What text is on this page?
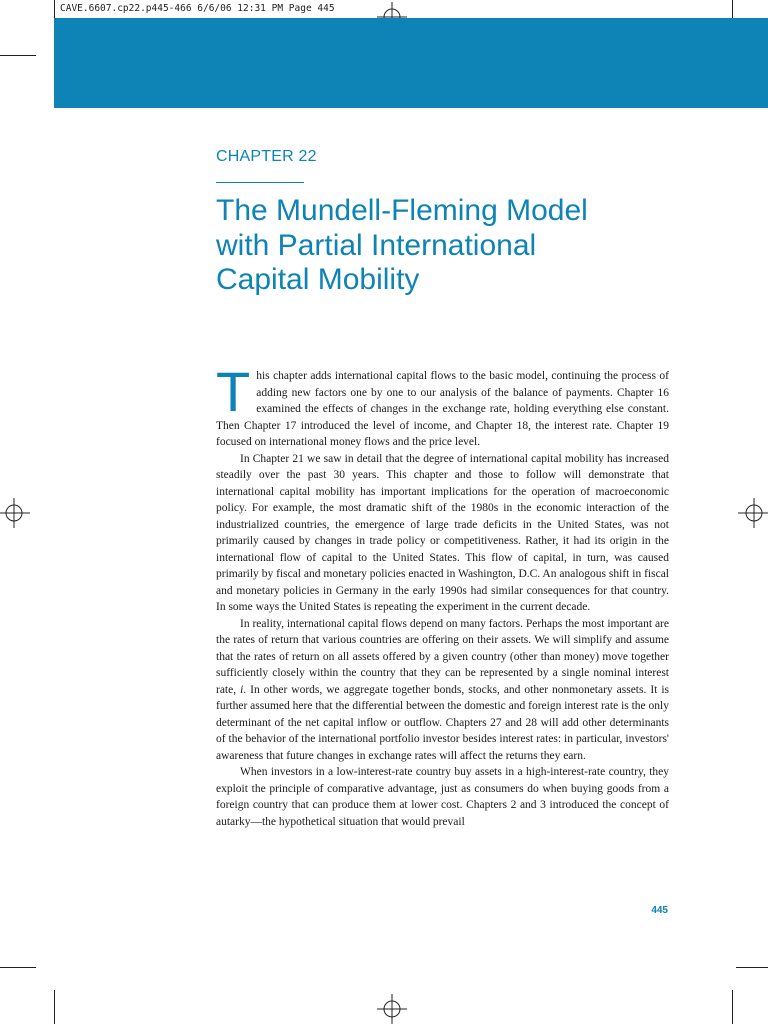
CAVE.6607.cp22.p445-466 6/6/06 12:31 PM Page 445
CHAPTER 22
The Mundell-Fleming Model
with Partial International
Capital Mobility

This chapter adds international capital flows to the basic model, continuing the process of adding new factors one by one to our analysis of the balance of payments. Chapter 16 examined the effects of changes in the exchange rate, holding everything else constant. Then Chapter 17 introduced the level of income, and Chapter 18, the interest rate. Chapter 19 focused on international money flows and the price level.

In Chapter 21 we saw in detail that the degree of international capital mobility has increased steadily over the past 30 years. This chapter and those to follow will demonstrate that international capital mobility has important implications for the operation of macroeconomic policy. For example, the most dramatic shift of the 1980s in the economic interaction of the industrialized countries, the emergence of large trade deficits in the United States, was not primarily caused by changes in trade policy or competitiveness. Rather, it had its origin in the international flow of capital to the United States. This flow of capital, in turn, was caused primarily by fiscal and monetary policies enacted in Washington, D.C. An analogous shift in fiscal and monetary policies in Germany in the early 1990s had similar consequences for that country. In some ways the United States is repeating the experiment in the current decade.

In reality, international capital flows depend on many factors. Perhaps the most important are the rates of return that various countries are offering on their assets. We will simplify and assume that the rates of return on all assets offered by a given country (other than money) move together sufficiently closely within the country that they can be represented by a single nominal interest rate, i. In other words, we aggregate together bonds, stocks, and other nonmonetary assets. It is further assumed here that the differential between the domestic and foreign interest rate is the only determinant of the net capital inflow or outflow. Chapters 27 and 28 will add other determinants of the behavior of the international portfolio investor besides interest rates: in particular, investors' awareness that future changes in exchange rates will affect the returns they earn.

When investors in a low-interest-rate country buy assets in a high-interest-rate country, they exploit the principle of comparative advantage, just as consumers do when buying goods from a foreign country that can produce them at lower cost. Chapters 2 and 3 introduced the concept of autarky—the hypothetical situation that would prevail

445
